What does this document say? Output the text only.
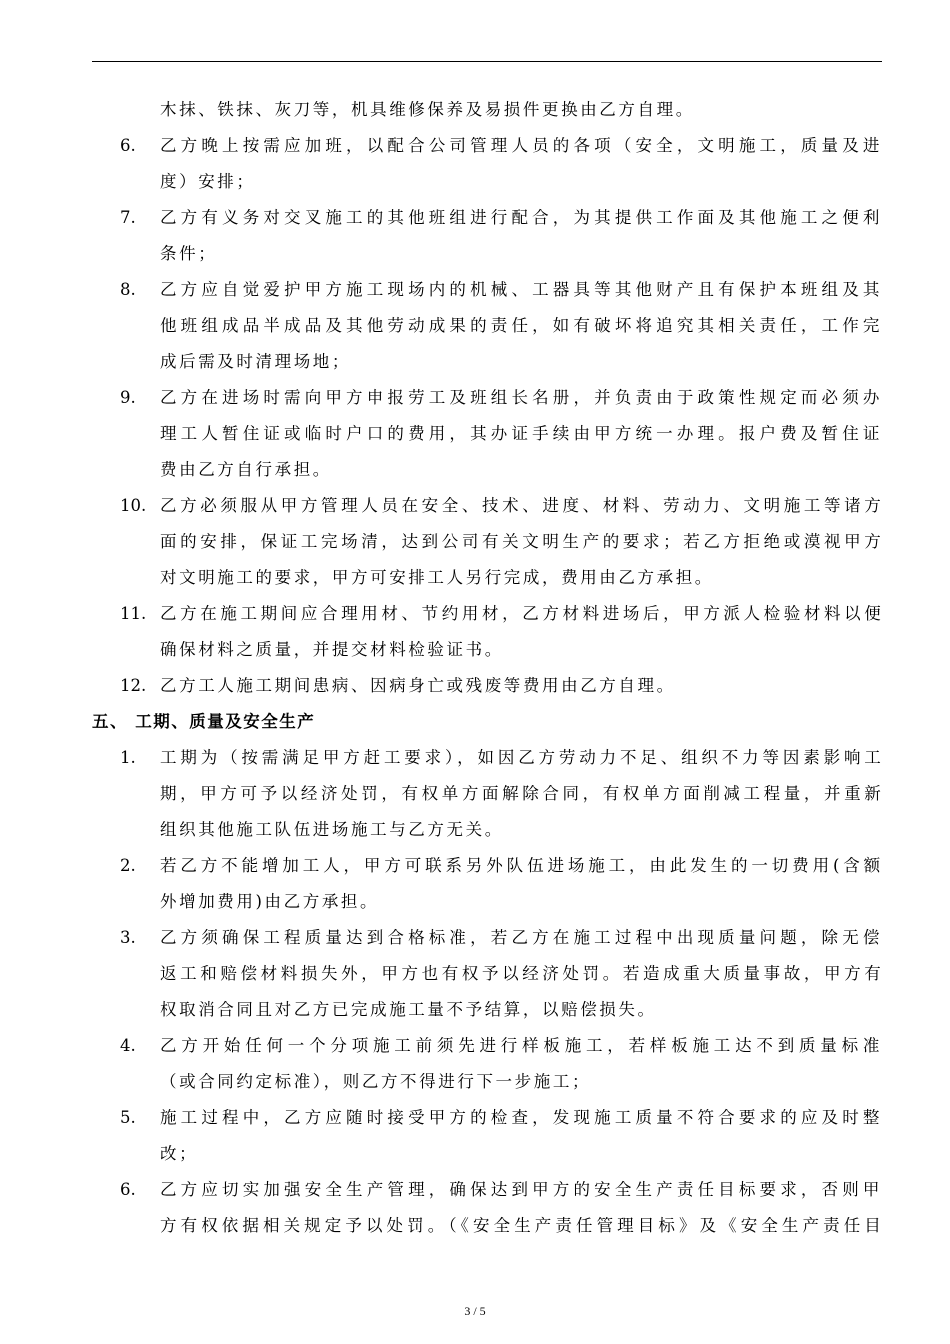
木抹、铁抹、灰刀等，机具维修保养及易损件更换由乙方自理。
6.	乙方晚上按需应加班，以配合公司管理人员的各项（安全，文明施工，质量及进
度）安排；
7.	乙方有义务对交叉施工的其他班组进行配合，为其提供工作面及其他施工之便利
条件；
8.	乙方应自觉爱护甲方施工现场内的机械、工器具等其他财产且有保护本班组及其
他班组成品半成品及其他劳动成果的责任，如有破坏将追究其相关责任，工作完
成后需及时清理场地；
9.	乙方在进场时需向甲方申报劳工及班组长名册，并负责由于政策性规定而必须办
理工人暂住证或临时户口的费用，其办证手续由甲方统一办理。报户费及暂住证
费由乙方自行承担。
10. 乙方必须服从甲方管理人员在安全、技术、进度、材料、劳动力、文明施工等诸方
面的安排，保证工完场清，达到公司有关文明生产的要求；若乙方拒绝或漠视甲方
对文明施工的要求，甲方可安排工人另行完成，费用由乙方承担。
11. 乙方在施工期间应合理用材、节约用材，乙方材料进场后，甲方派人检验材料以便
确保材料之质量，并提交材料检验证书。
12. 乙方工人施工期间患病、因病身亡或残废等费用由乙方自理。
五、 工期、质量及安全生产
1.	工期为（按需满足甲方赶工要求），如因乙方劳动力不足、组织不力等因素影响工
期，甲方可予以经济处罚，有权单方面解除合同，有权单方面削减工程量，并重新
组织其他施工队伍进场施工与乙方无关。
2.	若乙方不能增加工人，甲方可联系另外队伍进场施工，由此发生的一切费用(含额
外增加费用)由乙方承担。
3.	乙方须确保工程质量达到合格标准，若乙方在施工过程中出现质量问题，除无偿
返工和赔偿材料损失外，甲方也有权予以经济处罚。若造成重大质量事故，甲方有
权取消合同且对乙方已完成施工量不予结算，以赔偿损失。
4.	乙方开始任何一个分项施工前须先进行样板施工，若样板施工达不到质量标准
（或合同约定标准），则乙方不得进行下一步施工；
5.	施工过程中，乙方应随时接受甲方的检查，发现施工质量不符合要求的应及时整
改；
6.	乙方应切实加强安全生产管理，确保达到甲方的安全生产责任目标要求，否则甲
方有权依据相关规定予以处罚。（《安全生产责任管理目标》及《安全生产责任目
3 / 5
